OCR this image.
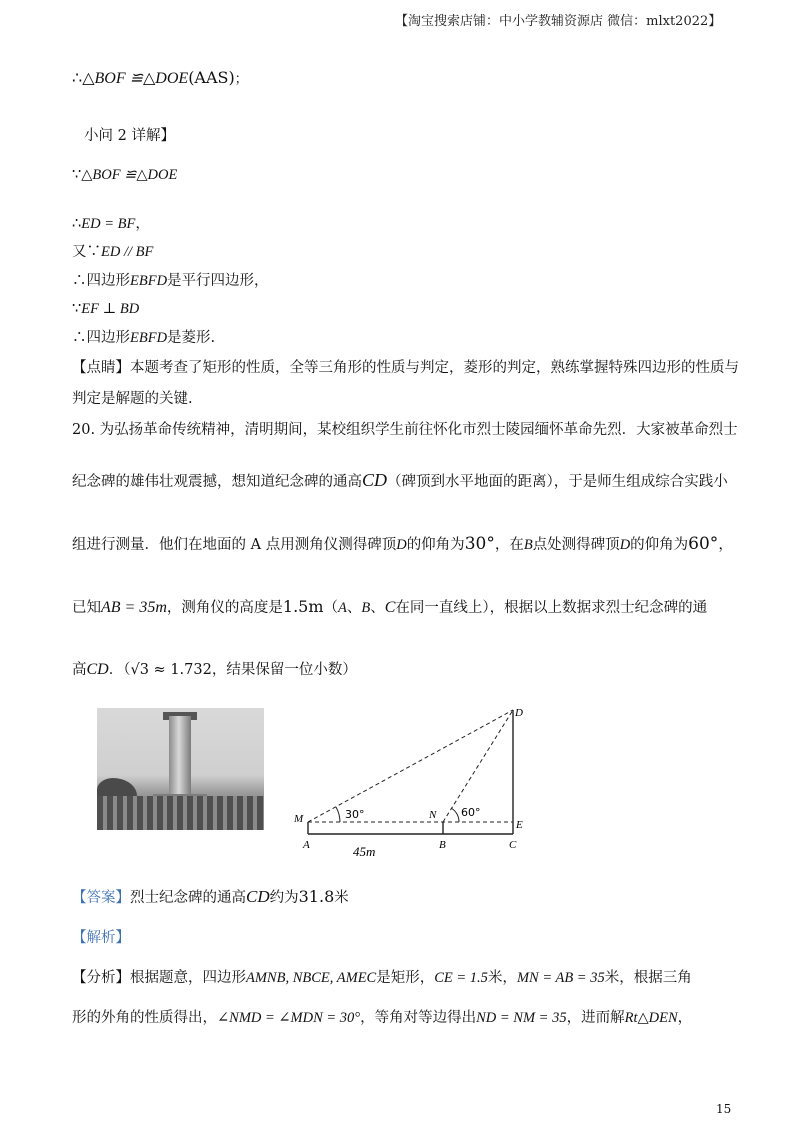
【淘宝搜索店铺：中小学教辅资源店 微信：mlxt2022】
∴△BOF ≌△DOE(AAS)；
小问 2 详解】
∵△BOF ≌△DOE
∴ED = BF，
又∵ED // BF
∴四边形EBFD是平行四边形，
∵EF ⊥ BD
∴四边形EBFD是菱形.
【点睛】本题考查了矩形的性质，全等三角形的性质与判定，菱形的判定，熟练掌握特殊四边形的性质与
判定是解题的关键.
20. 为弘扬革命传统精神，清明期间，某校组织学生前往怀化市烈士陵园缅怀革命先烈．大家被革命烈士
纪念碑的雄伟壮观震撼，想知道纪念碑的通高CD（碑顶到水平地面的距离），于是师生组成综合实践小
组进行测量．他们在地面的 A 点用测角仪测得碑顶D的仰角为30°，在B点处测得碑顶D的仰角为60°，
已知AB = 35m，测角仪的高度是1.5m（A、B、C在同一直线上），根据以上数据求烈士纪念碑的通
高CD．（√3 ≈ 1.732，结果保留一位小数）
D
M	N
E
A	B	C
30°	60°
45m
【答案】烈士纪念碑的通高CD约为31.8米
【解析】
【分析】根据题意，四边形AMNB, NBCE, AMEC是矩形，CE = 1.5米，MN = AB = 35米，根据三角
形的外角的性质得出，∠NMD = ∠MDN = 30°，等角对等边得出ND = NM = 35，进而解Rt△DEN，
15
